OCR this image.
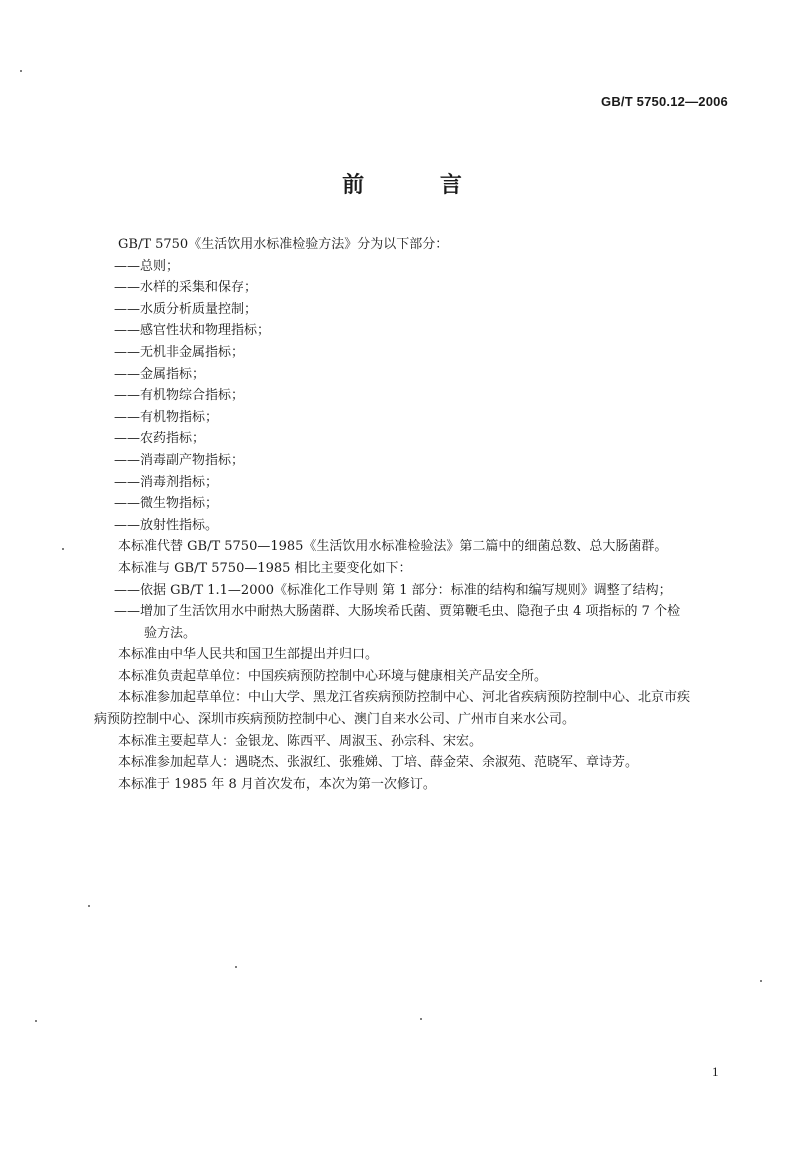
GB/T 5750.12—2006
前 言
GB/T 5750《生活饮用水标准检验方法》分为以下部分：
——总则；
——水样的采集和保存；
——水质分析质量控制；
——感官性状和物理指标；
——无机非金属指标；
——金属指标；
——有机物综合指标；
——有机物指标；
——农药指标；
——消毒副产物指标；
——消毒剂指标；
——微生物指标；
——放射性指标。
本标准代替 GB/T 5750—1985《生活饮用水标准检验法》第二篇中的细菌总数、总大肠菌群。
本标准与 GB/T 5750—1985 相比主要变化如下：
——依据 GB/T 1.1—2000《标准化工作导则 第 1 部分：标准的结构和编写规则》调整了结构；
——增加了生活饮用水中耐热大肠菌群、大肠埃希氏菌、贾第鞭毛虫、隐孢子虫 4 项指标的 7 个检
验方法。
本标准由中华人民共和国卫生部提出并归口。
本标准负责起草单位：中国疾病预防控制中心环境与健康相关产品安全所。
本标准参加起草单位：中山大学、黑龙江省疾病预防控制中心、河北省疾病预防控制中心、北京市疾
病预防控制中心、深圳市疾病预防控制中心、澳门自来水公司、广州市自来水公司。
本标准主要起草人：金银龙、陈西平、周淑玉、孙宗科、宋宏。
本标准参加起草人：遇晓杰、张淑红、张雅娣、丁培、薛金荣、余淑苑、范晓军、章诗芳。
本标准于 1985 年 8 月首次发布，本次为第一次修订。
1
